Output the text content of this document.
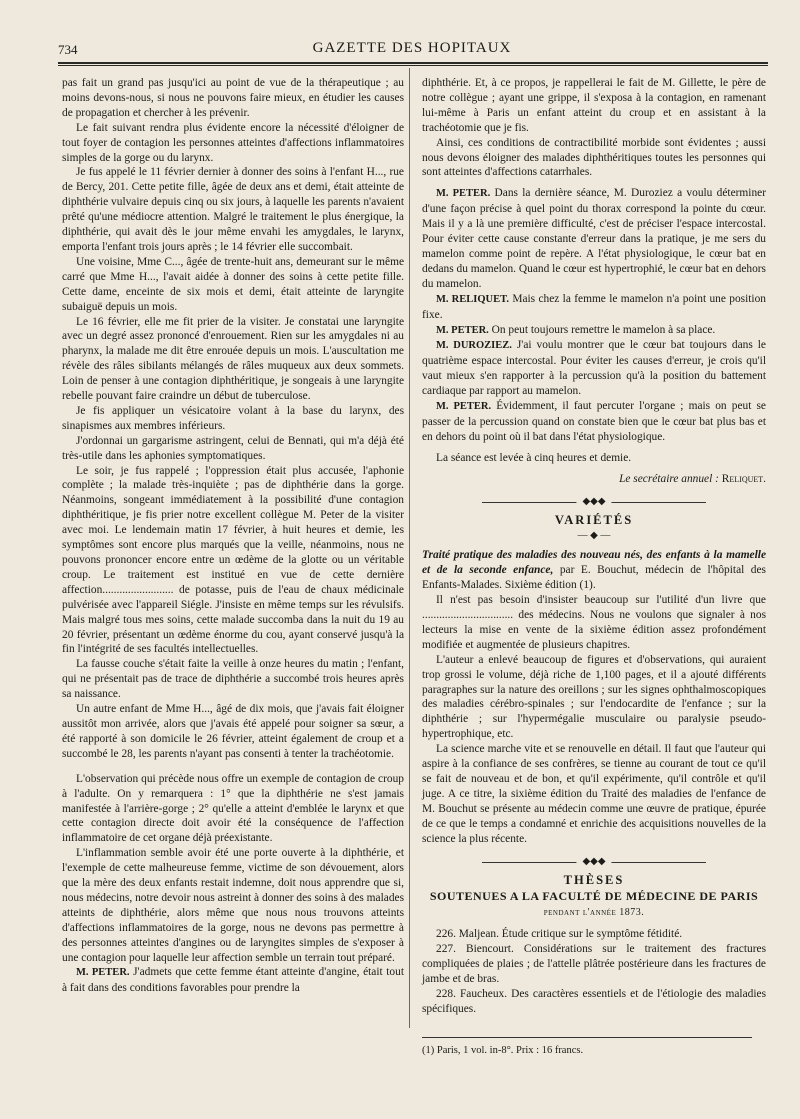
734	GAZETTE DES HOPITAUX

pas fait un grand pas jusqu'ici au point de vue de la thérapeutique ; au moins devons-nous, si nous ne pouvons faire mieux, en étudier les causes de propagation et chercher à les prévenir.

Le fait suivant rendra plus évidente encore la nécessité d'éloigner de tout foyer de contagion les personnes atteintes d'affections inflammatoires simples de la gorge ou du larynx.

Je fus appelé le 11 février dernier à donner des soins à l'enfant H..., rue de Bercy, 201. Cette petite fille, âgée de deux ans et demi, était atteinte de diphthérie vulvaire depuis cinq ou six jours, à laquelle les parents n'avaient prêté qu'une médiocre attention. Malgré le traitement le plus énergique, la diphthérie, qui avait dès le jour même envahi les amygdales, le larynx, emporta l'enfant trois jours après ; le 14 février elle succombait.

Une voisine, Mme C..., âgée de trente-huit ans, demeurant sur le même carré que Mme H..., l'avait aidée à donner des soins à cette petite fille. Cette dame, enceinte de six mois et demi, était atteinte de laryngite subaiguë depuis un mois.

Le 16 février, elle me fit prier de la visiter. Je constatai une laryngite avec un degré assez prononcé d'enrouement. Rien sur les amygdales ni au pharynx, la malade me dit être enrouée depuis un mois. L'auscultation me révèle des râles sibilants mélangés de râles muqueux aux deux sommets. Loin de penser à une contagion diphthéritique, je songeais à une laryngite rebelle pouvant faire craindre un début de tuberculose.

Je fis appliquer un vésicatoire volant à la base du larynx, des sinapismes aux membres inférieurs.

J'ordonnai un gargarisme astringent, celui de Bennati, qui m'a déjà été très-utile dans les aphonies symptomatiques.

Le soir, je fus rappelé ; l'oppression était plus accusée, l'aphonie complète ; la malade très-inquiète ; pas de diphthérie dans la gorge. Néanmoins, songeant immédiatement à la possibilité d'une contagion diphthéritique, je fis prier notre excellent collègue M. Peter de la visiter avec moi. Le lendemain matin 17 février, à huit heures et demie, les symptômes sont encore plus marqués que la veille, néanmoins, nous ne pouvons prononcer encore entre un œdème de la glotte ou un véritable croup. Le traitement est institué en vue de cette dernière affection......................... de potasse, puis de l'eau de chaux médicinale pulvérisée avec l'appareil Siégle. J'insiste en même temps sur les révulsifs. Mais malgré tous mes soins, cette malade succomba dans la nuit du 19 au 20 février, présentant un œdème énorme du cou, ayant conservé jusqu'à la fin l'intégrité de ses facultés intellectuelles.

La fausse couche s'était faite la veille à onze heures du matin ; l'enfant, qui ne présentait pas de trace de diphthérie a succombé trois heures après sa naissance.

Un autre enfant de Mme H..., âgé de dix mois, que j'avais fait éloigner aussitôt mon arrivée, alors que j'avais été appelé pour soigner sa sœur, a été rapporté à son domicile le 26 février, atteint également de croup et a succombé le 28, les parents n'ayant pas consenti à tenter la trachéotomie.

L'observation qui précède nous offre un exemple de contagion de croup à l'adulte. On y remarquera : 1° que la diphthérie ne s'est jamais manifestée à l'arrière-gorge ; 2° qu'elle a atteint d'emblée le larynx et que cette contagion directe doit avoir été la conséquence de l'affection inflammatoire de cet organe déjà préexistante.

L'inflammation semble avoir été une porte ouverte à la diphthérie, et l'exemple de cette malheureuse femme, victime de son dévouement, alors que la mère des deux enfants restait indemne, doit nous apprendre que si, nous médecins, notre devoir nous astreint à donner des soins à des malades atteints de diphthérie, alors même que nous nous trouvons atteints d'affections inflammatoires de la gorge, nous ne devons pas permettre à des personnes atteintes d'angines ou de laryngites simples de s'exposer à une contagion pour laquelle leur affection semble un terrain tout préparé.

M. PETER. J'admets que cette femme étant atteinte d'angine, était tout à fait dans des conditions favorables pour prendre la

diphthérie. Et, à ce propos, je rappellerai le fait de M. Gillette, le père de notre collègue ; ayant une grippe, il s'exposa à la contagion, en ramenant lui-même à Paris un enfant atteint du croup et en assistant à la trachéotomie que je fis.

Ainsi, ces conditions de contractibilité morbide sont évidentes ; aussi nous devons éloigner des malades diphthéritiques toutes les personnes qui sont atteintes d'affections catarrhales.

M. PETER. Dans la dernière séance, M. Duroziez a voulu déterminer d'une façon précise à quel point du thorax correspond la pointe du cœur. Mais il y a là une première difficulté, c'est de préciser l'espace intercostal. Pour éviter cette cause constante d'erreur dans la pratique, je me sers du mamelon comme point de repère. A l'état physiologique, le cœur bat en dedans du mamelon. Quand le cœur est hypertrophié, le cœur bat en dehors du mamelon.

M. RELIQUET. Mais chez la femme le mamelon n'a point une position fixe.

M. PETER. On peut toujours remettre le mamelon à sa place.

M. DUROZIEZ. J'ai voulu montrer que le cœur bat toujours dans le quatrième espace intercostal. Pour éviter les causes d'erreur, je crois qu'il vaut mieux s'en rapporter à la percussion qu'à la position du battement cardiaque par rapport au mamelon.

M. PETER. Évidemment, il faut percuter l'organe ; mais on peut se passer de la percussion quand on constate bien que le cœur bat plus bas et en dehors du point où il bat dans l'état physiologique.

La séance est levée à cinq heures et demie.

Le secrétaire annuel : Reliquet.
◆◆◆
VARIÉTÉS
— ◆ —

Traité pratique des maladies des nouveau nés, des enfants à la mamelle et de la seconde enfance, par E. Bouchut, médecin de l'hôpital des Enfants-Malades. Sixième édition (1).

Il n'est pas besoin d'insister beaucoup sur l'utilité d'un livre que ................................ des médecins. Nous ne voulons que signaler à nos lecteurs la mise en vente de la sixième édition assez profondément modifiée et augmentée de plusieurs chapitres.

L'auteur a enlevé beaucoup de figures et d'observations, qui auraient trop grossi le volume, déjà riche de 1,100 pages, et il a ajouté différents paragraphes sur la nature des oreillons ; sur les signes ophthalmoscopiques des maladies cérébro-spinales ; sur l'endocardite de l'enfance ; sur la diphthérie ; sur l'hypermégalie musculaire ou paralysie pseudo-hypertrophique, etc.

La science marche vite et se renouvelle en détail. Il faut que l'auteur qui aspire à la confiance de ses confrères, se tienne au courant de tout ce qu'il se fait de nouveau et de bon, et qu'il expérimente, qu'il contrôle et qu'il juge. A ce titre, la sixième édition du Traité des maladies de l'enfance de M. Bouchut se présente au médecin comme une œuvre de pratique, épurée de ce que le temps a condamné et enrichie des acquisitions nouvelles de la science la plus récente.

◆◆◆
THÈSES
SOUTENUES A LA FACULTÉ DE MÉDECINE DE PARIS
pendant l'année 1873.

226. Maljean. Étude critique sur le symptôme fétidité.

227. Biencourt. Considérations sur le traitement des fractures compliquées de plaies ; de l'attelle plâtrée postérieure dans les fractures de jambe et de bras.

228. Faucheux. Des caractères essentiels et de l'étiologie des maladies spécifiques.

(1) Paris, 1 vol. in-8°. Prix : 16 francs.
